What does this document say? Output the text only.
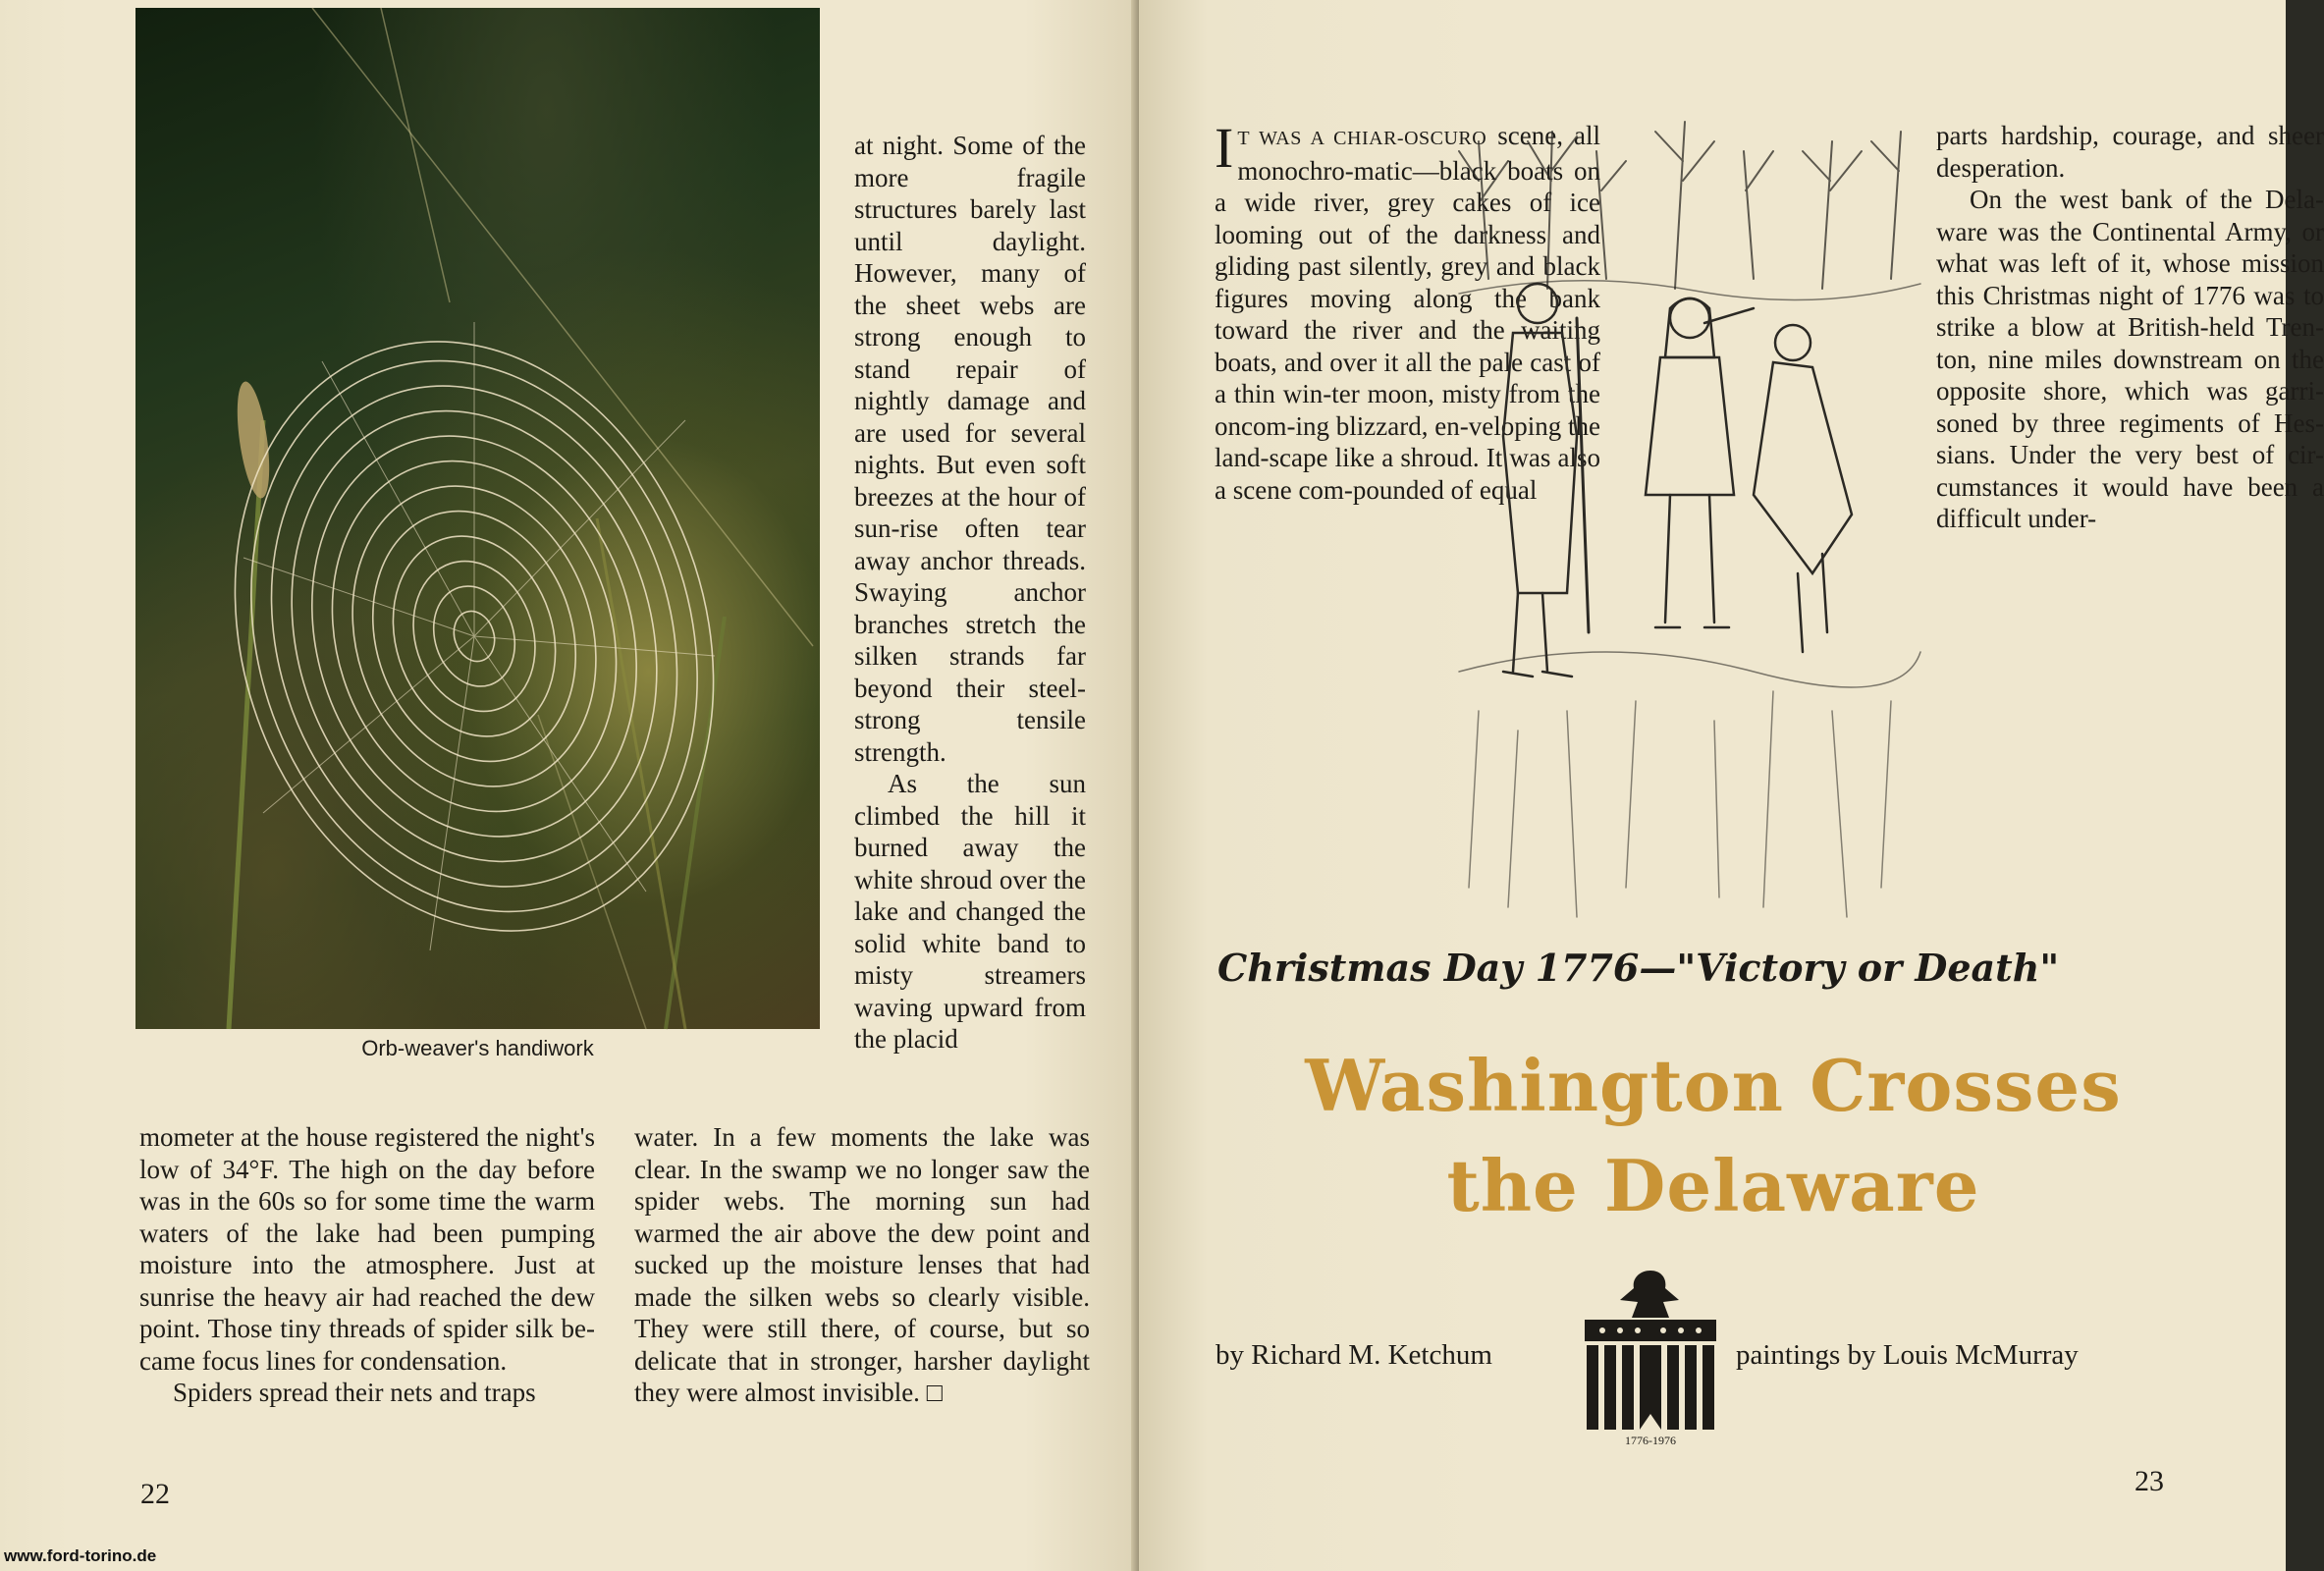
Orb-weaver's handiwork

at night. Some of the more fragile structures barely last until daylight. However, many of the sheet webs are strong enough to stand repair of nightly damage and are used for several nights. But even soft breezes at the hour of sun-rise often tear away anchor threads. Swaying anchor branches stretch the silken strands far beyond their steel-strong tensile strength.

As the sun climbed the hill it burned away the white shroud over the lake and changed the solid white band to misty streamers waving upward from the placid

mometer at the house registered the night's low of 34°F. The high on the day before was in the 60s so for some time the warm waters of the lake had been pumping moisture into the atmosphere. Just at sunrise the heavy air had reached the dew point. Those tiny threads of spider silk be-came focus lines for condensation.

Spiders spread their nets and traps

water. In a few moments the lake was clear. In the swamp we no longer saw the spider webs. The morning sun had warmed the air above the dew point and sucked up the moisture lenses that had made the silken webs so clearly visible. They were still there, of course, but so delicate that in stronger, harsher daylight they were almost invisible. □

22
www.ford-torino.de

I T WAS A CHIAR-OSCURO scene, all monochro-matic—black boats on a wide river, grey cakes of ice looming out of the darkness and gliding past silently, grey and black figures moving along the bank toward the river and the waiting boats, and over it all the pale cast of a thin win-ter moon, misty from the oncom-ing blizzard, en-veloping the land-scape like a shroud. It was also a scene com-pounded of equal

parts hardship, courage, and sheer desperation.

On the west bank of the Dela-ware was the Continental Army, or what was left of it, whose mission this Christmas night of 1776 was to strike a blow at British-held Tren-ton, nine miles downstream on the opposite shore, which was garri-soned by three regiments of Hes-sians. Under the very best of cir-cumstances it would have been a difficult under-

23
Christmas Day 1776—"Victory or Death"
Washington Crosses
the Delaware
by Richard M. Ketchum
1776-1976
paintings by Louis McMurray
